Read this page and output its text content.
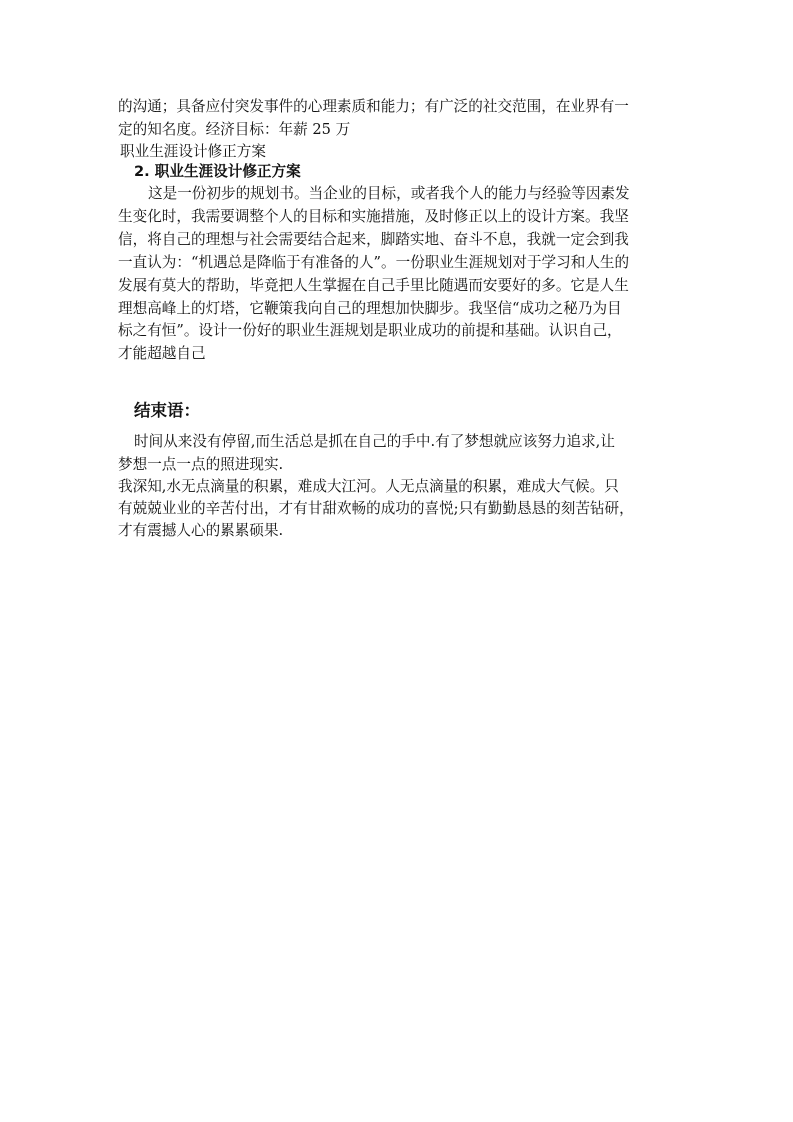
的沟通；具备应付突发事件的心理素质和能力；有广泛的社交范围，在业界有一
定的知名度。经济目标：年薪 25 万
职业生涯设计修正方案
2. 职业生涯设计修正方案
这是一份初步的规划书。当企业的目标，或者我个人的能力与经验等因素发
生变化时，我需要调整个人的目标和实施措施，及时修正以上的设计方案。我坚
信，将自己的理想与社会需要结合起来，脚踏实地、奋斗不息，我就一定会到我
一直认为：“机遇总是降临于有准备的人”。一份职业生涯规划对于学习和人生的
发展有莫大的帮助，毕竟把人生掌握在自己手里比随遇而安要好的多。它是人生
理想高峰上的灯塔，它鞭策我向自己的理想加快脚步。我坚信“成功之秘乃为目
标之有恒”。设计一份好的职业生涯规划是职业成功的前提和基础。认识自己，
才能超越自己
结束语：
时间从来没有停留,而生活总是抓在自己的手中.有了梦想就应该努力追求,让
梦想一点一点的照进现实.
我深知,水无点滴量的积累，难成大江河。人无点滴量的积累，难成大气候。只
有兢兢业业的辛苦付出，才有甘甜欢畅的成功的喜悦;只有勤勤恳恳的刻苦钻研，
才有震撼人心的累累硕果.
